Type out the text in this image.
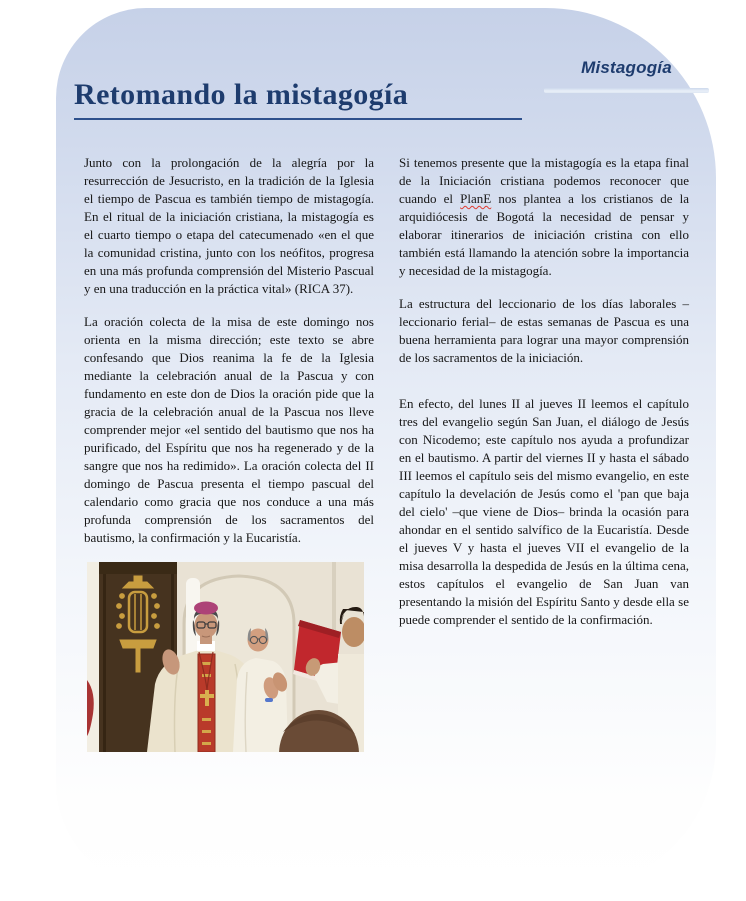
Mistagogía
Retomando la mistagogía

Junto con la prolongación de la alegría por la resurrección de Jesucristo, en la tradición de la Iglesia el tiempo de Pascua es también tiempo de mistagogía. En el ritual de la iniciación cristiana, la mistagogía es el cuarto tiempo o etapa del catecumenado «en el que la comunidad cristina, junto con los neófitos, progresa en una más profunda comprensión del Misterio Pascual y en una traducción en la práctica vital» (RICA 37).

La oración colecta de la misa de este domingo nos orienta en la misma dirección; este texto se abre confesando que Dios reanima la fe de la Iglesia mediante la celebración anual de la Pascua y con fundamento en este don de Dios la oración pide que la gracia de la celebración anual de la Pascua nos lleve comprender mejor «el sentido del bautismo que nos ha purificado, del Espíritu que nos ha regenerado y de la sangre que nos ha redimido». La oración colecta del II domingo de Pascua presenta el tiempo pascual del calendario como gracia que nos conduce a una más profunda comprensión de los sacramentos del bautismo, la confirmación y la Eucaristía.

Si tenemos presente que la mistagogía es la etapa final de la Iniciación cristiana podemos reconocer que cuando el PlanE nos plantea a los cristianos de la arquidiócesis de Bogotá la necesidad de pensar y elaborar itinerarios de iniciación cristina con ello también está llamando la atención sobre la importancia y necesidad de la mistagogía.

La estructura del leccionario de los días laborales –leccionario ferial– de estas semanas de Pascua es una buena herramienta para lograr una mayor comprensión de los sacramentos de la iniciación.

En efecto, del lunes II al jueves II leemos el capítulo tres del evangelio según San Juan, el diálogo de Jesús con Nicodemo; este capítulo nos ayuda a profundizar en el bautismo. A partir del viernes II y hasta el sábado III leemos el capítulo seis del mismo evangelio, en este capítulo la develación de Jesús como el 'pan que baja del cielo' –que viene de Dios– brinda la ocasión para ahondar en el sentido salvífico de la Eucaristía. Desde el jueves V y hasta el jueves VII el evangelio de la misa desarrolla la despedida de Jesús en la última cena, estos capítulos el evangelio de San Juan van presentando la misión del Espíritu Santo y desde ella se puede comprender el sentido de la confirmación.
